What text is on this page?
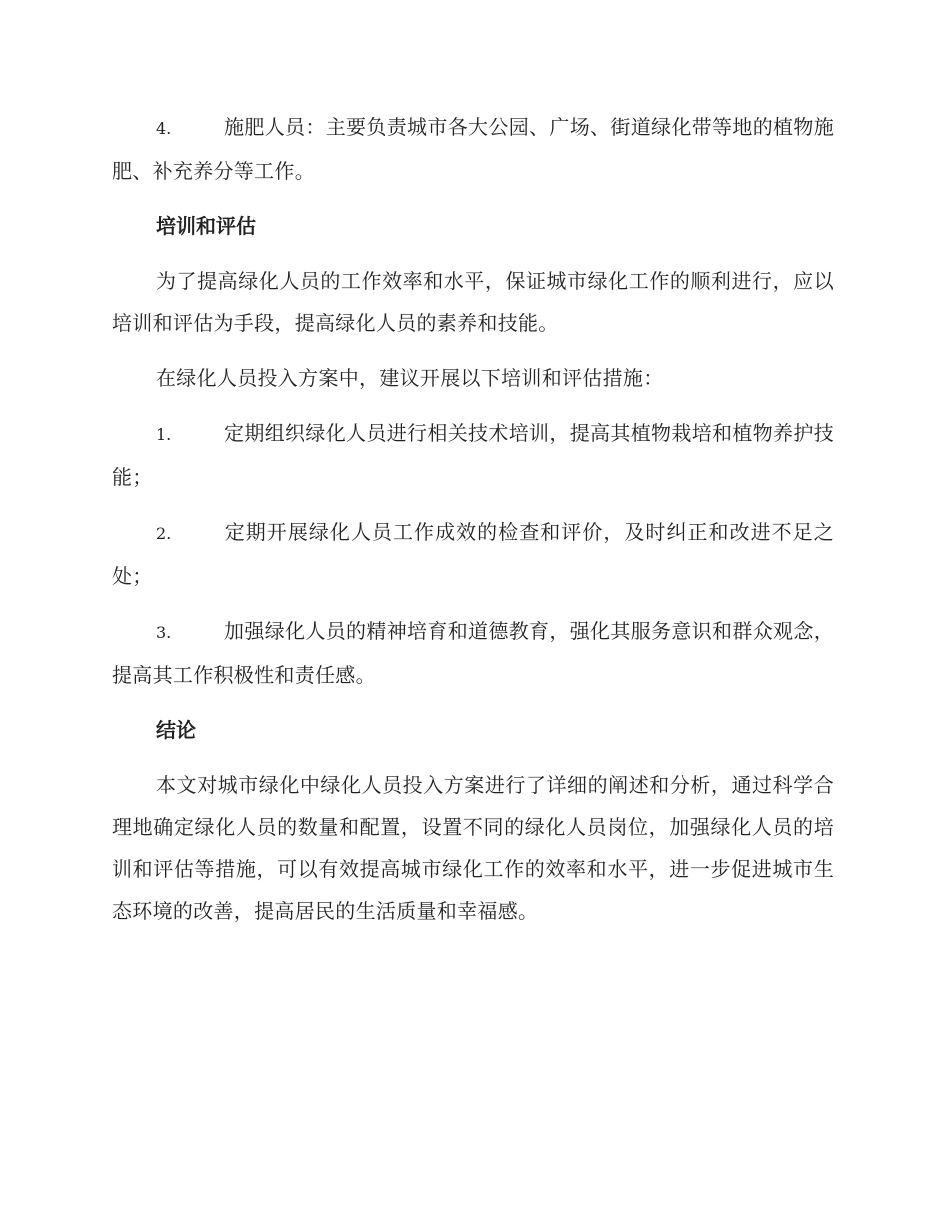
4.	施肥人员：主要负责城市各大公园、广场、街道绿化带等地的植物施肥、补充养分等工作。

培训和评估

为了提高绿化人员的工作效率和水平，保证城市绿化工作的顺利进行，应以培训和评估为手段，提高绿化人员的素养和技能。

在绿化人员投入方案中，建议开展以下培训和评估措施：

1.	定期组织绿化人员进行相关技术培训，提高其植物栽培和植物养护技能；

2.	定期开展绿化人员工作成效的检查和评价，及时纠正和改进不足之处；

3.	加强绿化人员的精神培育和道德教育，强化其服务意识和群众观念，提高其工作积极性和责任感。

结论

本文对城市绿化中绿化人员投入方案进行了详细的阐述和分析，通过科学合理地确定绿化人员的数量和配置，设置不同的绿化人员岗位，加强绿化人员的培训和评估等措施，可以有效提高城市绿化工作的效率和水平，进一步促进城市生态环境的改善，提高居民的生活质量和幸福感。
